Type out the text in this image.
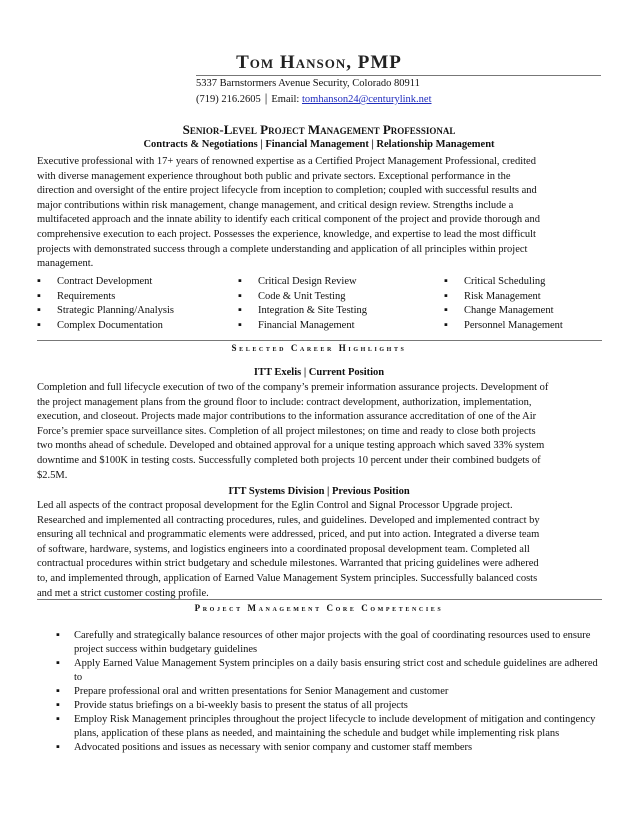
Tom Hanson, PMP
5337 Barnstormers Avenue Security, Colorado 80911
(719) 216.2605 | Email: tomhanson24@centurylink.net
Senior-Level Project Management Professional
Contracts & Negotiations | Financial Management | Relationship Management
Executive professional with 17+ years of renowned expertise as a Certified Project Management Professional, credited
with diverse management experience throughout both public and private sectors. Exceptional performance in the
direction and oversight of the entire project lifecycle from inception to completion; coupled with successful results and
major contributions within risk management, change management, and critical design review. Strengths include a
multifaceted approach and the innate ability to identify each critical component of the project and provide thorough and
comprehensive execution to each project. Possesses the experience, knowledge, and expertise to lead the most difficult
projects with demonstrated success through a complete understanding and application of all principles within project
management.
▪ Contract Development
▪ Requirements
▪ Strategic Planning/Analysis
▪ Complex Documentation
▪ Critical Design Review
▪ Code & Unit Testing
▪ Integration & Site Testing
▪ Financial Management
▪ Critical Scheduling
▪ Risk Management
▪ Change Management
▪ Personnel Management
Selected Career Highlights
ITT Exelis | Current Position
Completion and full lifecycle execution of two of the company’s premeir information assurance projects. Development of
the project management plans from the ground floor to include: contract development, authorization, implementation,
execution, and closeout. Projects made major contributions to the information assurance accreditation of one of the Air
Force’s premier space surveillance sites. Completion of all project milestones; on time and ready to close both projects
two months ahead of schedule. Developed and obtained approval for a unique testing approach which saved 33% system
downtime and $100K in testing costs. Successfully completed both projects 10 percent under their combined budgets of
$2.5M.
ITT Systems Division | Previous Position
Led all aspects of the contract proposal development for the Eglin Control and Signal Processor Upgrade project.
Researched and implemented all contracting procedures, rules, and guidelines. Developed and implemented contract by
ensuring all technical and programmatic elements were addressed, priced, and put into action. Integrated a diverse team
of software, hardware, systems, and logistics engineers into a coordinated proposal development team. Completed all
contractual procedures within strict budgetary and schedule milestones. Warranted that pricing guidelines were adhered
to, and implemented through, application of Earned Value Management System principles. Successfully balanced costs
and met a strict customer costing profile.
Project Management Core Competencies
▪ Carefully and strategically balance resources of other major projects with the goal of coordinating resources used to ensure project success within budgetary guidelines
▪ Apply Earned Value Management System principles on a daily basis ensuring strict cost and schedule guidelines are adhered to
▪ Prepare professional oral and written presentations for Senior Management and customer
▪ Provide status briefings on a bi-weekly basis to present the status of all projects
▪ Employ Risk Management principles throughout the project lifecycle to include development of mitigation and contingency plans, application of these plans as needed, and maintaining the schedule and budget while implementing risk plans
▪ Advocated positions and issues as necessary with senior company and customer staff members
